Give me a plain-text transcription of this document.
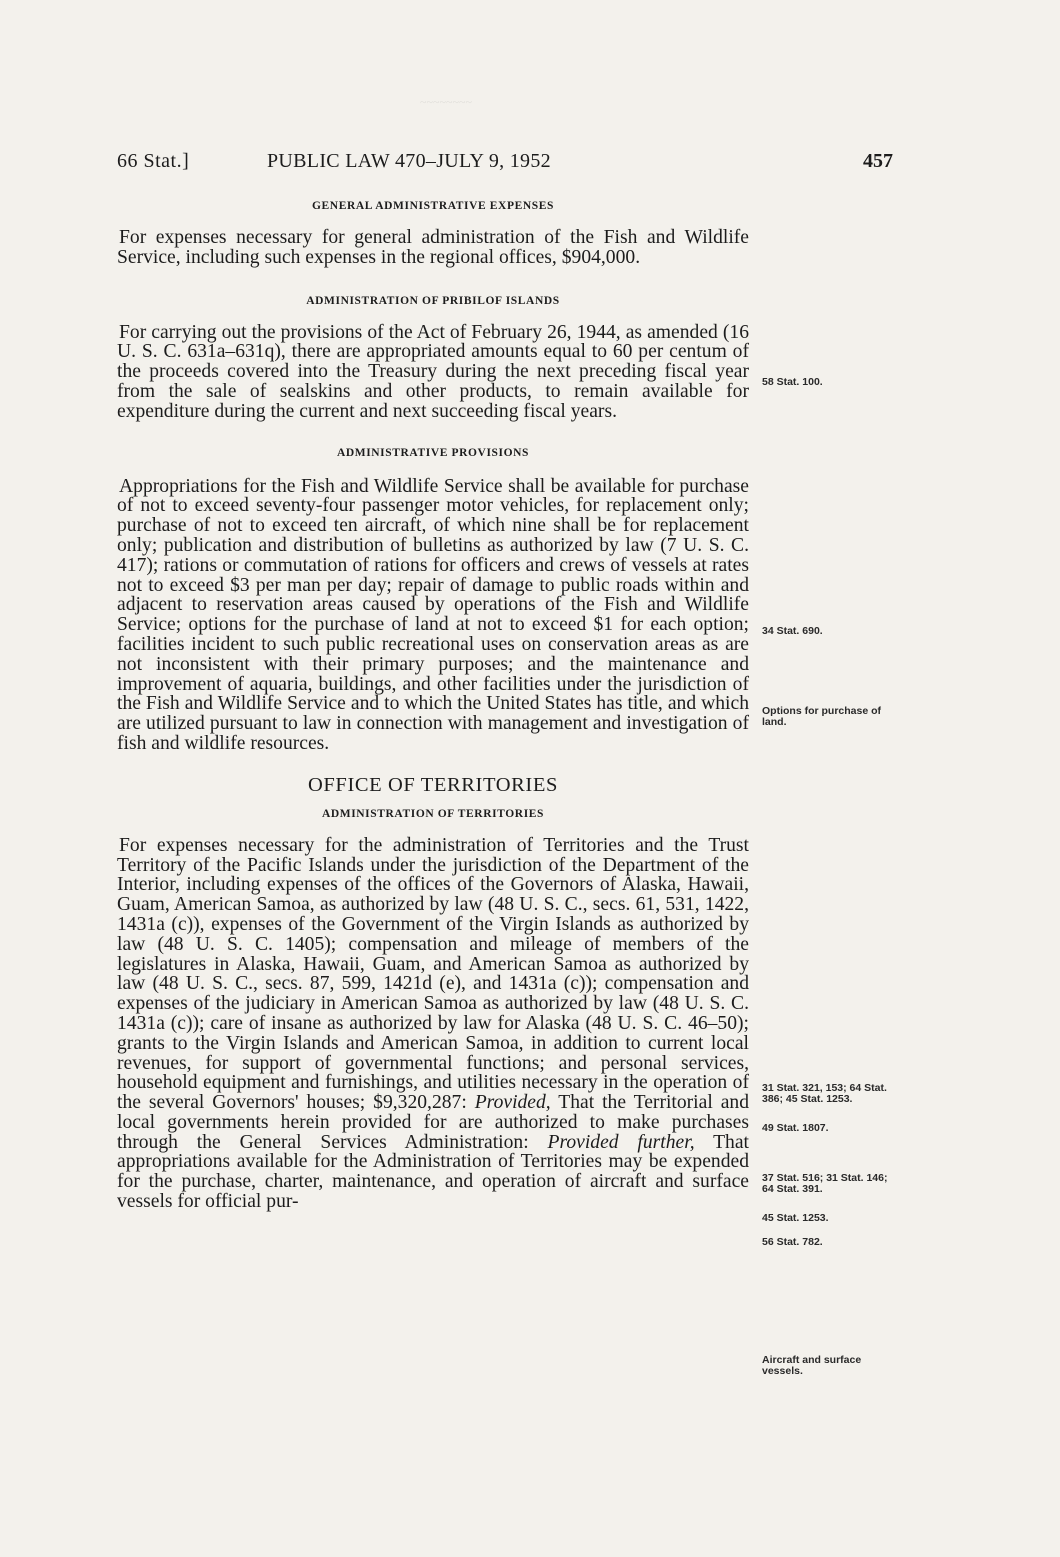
~~~~~~~~
66 Stat.]	PUBLIC LAW 470–JULY 9, 1952	457
GENERAL ADMINISTRATIVE EXPENSES

For expenses necessary for general administration of the Fish and Wildlife Service, including such expenses in the regional offices, $904,000.

ADMINISTRATION OF PRIBILOF ISLANDS

For carrying out the provisions of the Act of February 26, 1944, as amended (16 U. S. C. 631a–631q), there are appropriated amounts equal to 60 per centum of the proceeds covered into the Treasury during the next preceding fiscal year from the sale of sealskins and other products, to remain available for expenditure during the current and next succeeding fiscal years.

ADMINISTRATIVE PROVISIONS

Appropriations for the Fish and Wildlife Service shall be available for purchase of not to exceed seventy-four passenger motor vehicles, for replacement only; purchase of not to exceed ten aircraft, of which nine shall be for replacement only; publication and distribution of bulletins as authorized by law (7 U. S. C. 417); rations or commutation of rations for officers and crews of vessels at rates not to exceed $3 per man per day; repair of damage to public roads within and adjacent to reservation areas caused by operations of the Fish and Wildlife Service; options for the purchase of land at not to exceed $1 for each option; facilities incident to such public recreational uses on conservation areas as are not inconsistent with their primary purposes; and the maintenance and improvement of aquaria, buildings, and other facilities under the jurisdiction of the Fish and Wildlife Service and to which the United States has title, and which are utilized pursuant to law in connection with management and investigation of fish and wildlife resources.

OFFICE OF TERRITORIES
ADMINISTRATION OF TERRITORIES

For expenses necessary for the administration of Territories and the Trust Territory of the Pacific Islands under the jurisdiction of the Department of the Interior, including expenses of the offices of the Governors of Alaska, Hawaii, Guam, American Samoa, as authorized by law (48 U. S. C., secs. 61, 531, 1422, 1431a (c)), expenses of the Government of the Virgin Islands as authorized by law (48 U. S. C. 1405); compensation and mileage of members of the legislatures in Alaska, Hawaii, Guam, and American Samoa as authorized by law (48 U. S. C., secs. 87, 599, 1421d (e), and 1431a (c)); compensation and expenses of the judiciary in American Samoa as authorized by law (48 U. S. C. 1431a (c)); care of insane as authorized by law for Alaska (48 U. S. C. 46–50); grants to the Virgin Islands and American Samoa, in addition to current local revenues, for support of governmental functions; and personal services, household equipment and furnishings, and utilities necessary in the operation of the several Governors' houses; $9,320,287: Provided, That the Territorial and local governments herein provided for are authorized to make purchases through the General Services Administration: Provided further, That appropriations available for the Administration of Territories may be expended for the purchase, charter, maintenance, and operation of aircraft and surface vessels for official pur-

58 Stat. 100.
34 Stat. 690.
Options for purchase of land.
31 Stat. 321, 153; 64 Stat. 386; 45 Stat. 1253.
49 Stat. 1807.
37 Stat. 516; 31 Stat. 146; 64 Stat. 391.
45 Stat. 1253.
56 Stat. 782.
Aircraft and surface vessels.
